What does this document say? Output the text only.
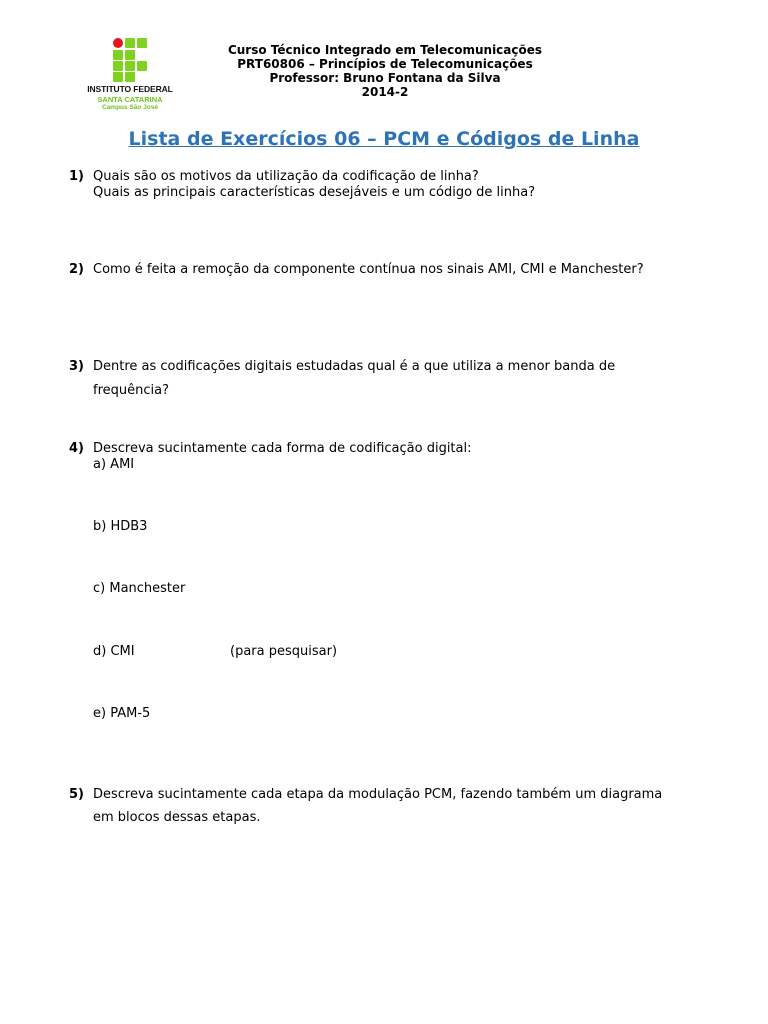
INSTITUTO FEDERAL
SANTA CATARINA
Campus São José
Curso Técnico Integrado em Telecomunicações
PRT60806 – Princípios de Telecomunicações
Professor: Bruno Fontana da Silva
2014-2
Lista de Exercícios 06 – PCM e Códigos de Linha
1) Quais são os motivos da utilização da codificação de linha?
Quais as principais características desejáveis e um código de linha?
2) Como é feita a remoção da componente contínua nos sinais AMI, CMI e Manchester?
3) Dentre as codificações digitais estudadas qual é a que utiliza a menor banda de
frequência?
4) Descreva sucintamente cada forma de codificação digital:
a) AMI
b) HDB3
c) Manchester
d) CMI	(para pesquisar)
e) PAM-5
5) Descreva sucintamente cada etapa da modulação PCM, fazendo também um diagrama
em blocos dessas etapas.
